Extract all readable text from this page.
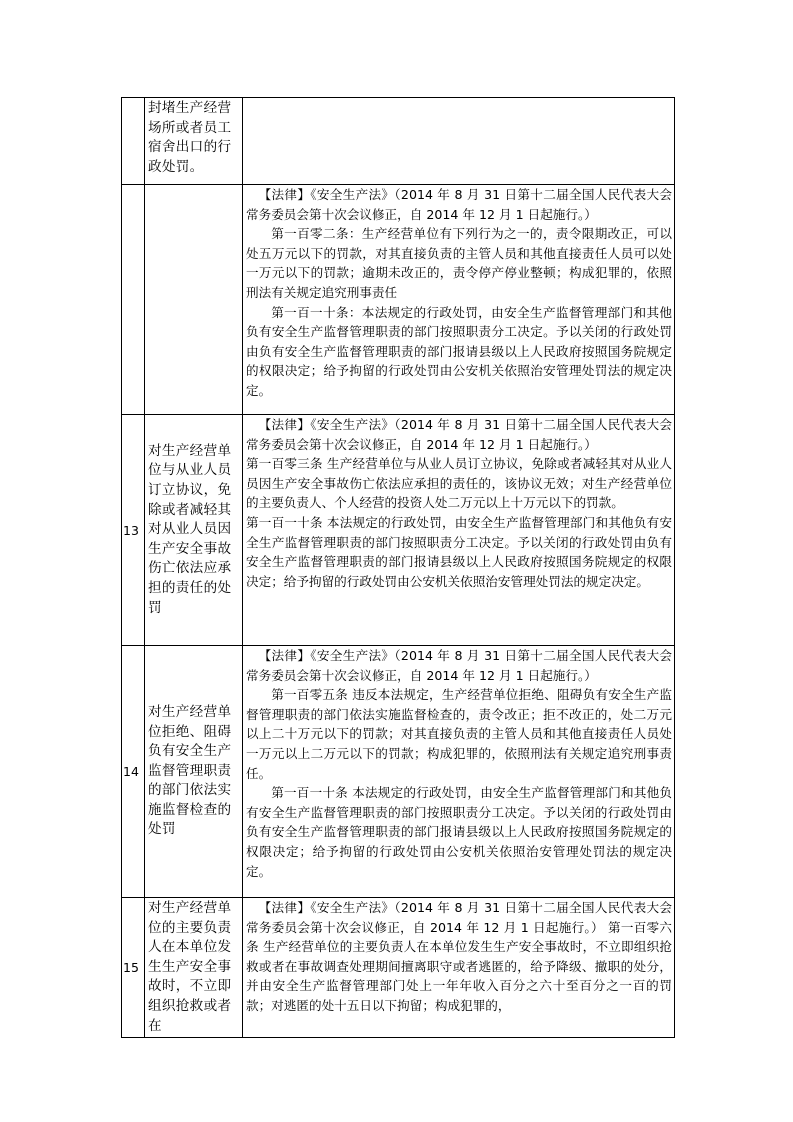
	封堵生产经营场所或者员工宿舍出口的行政处罚。	

		【法律】《安全生产法》（2014 年 8 月 31 日第十二届全国人民代表大会常务委员会第十次会议修正，自 2014 年 12 月 1 日起施行。）

第一百零二条：生产经营单位有下列行为之一的，责令限期改正，可以处五万元以下的罚款，对其直接负责的主管人员和其他直接责任人员可以处一万元以下的罚款；逾期未改正的，责令停产停业整顿；构成犯罪的，依照刑法有关规定追究刑事责任

第一百一十条：本法规定的行政处罚，由安全生产监督管理部门和其他负有安全生产监督管理职责的部门按照职责分工决定。予以关闭的行政处罚由负有安全生产监督管理职责的部门报请县级以上人民政府按照国务院规定的权限决定；给予拘留的行政处罚由公安机关依照治安管理处罚法的规定决定。

13	对生产经营单位与从业人员订立协议，免除或者减轻其对从业人员因生产安全事故伤亡依法应承担的责任的处罚	【法律】《安全生产法》（2014 年 8 月 31 日第十二届全国人民代表大会常务委员会第十次会议修正，自 2014 年 12 月 1 日起施行。）

第一百零三条 生产经营单位与从业人员订立协议，免除或者减轻其对从业人员因生产安全事故伤亡依法应承担的责任的，该协议无效；对生产经营单位的主要负责人、个人经营的投资人处二万元以上十万元以下的罚款。

第一百一十条 本法规定的行政处罚，由安全生产监督管理部门和其他负有安全生产监督管理职责的部门按照职责分工决定。予以关闭的行政处罚由负有安全生产监督管理职责的部门报请县级以上人民政府按照国务院规定的权限决定；给予拘留的行政处罚由公安机关依照治安管理处罚法的规定决定。

14	对生产经营单位拒绝、阻碍负有安全生产监督管理职责的部门依法实施监督检查的处罚	【法律】《安全生产法》（2014 年 8 月 31 日第十二届全国人民代表大会常务委员会第十次会议修正，自 2014 年 12 月 1 日起施行。）

第一百零五条 违反本法规定，生产经营单位拒绝、阻碍负有安全生产监督管理职责的部门依法实施监督检查的，责令改正；拒不改正的，处二万元以上二十万元以下的罚款；对其直接负责的主管人员和其他直接责任人员处一万元以上二万元以下的罚款；构成犯罪的，依照刑法有关规定追究刑事责任。

第一百一十条 本法规定的行政处罚，由安全生产监督管理部门和其他负有安全生产监督管理职责的部门按照职责分工决定。予以关闭的行政处罚由负有安全生产监督管理职责的部门报请县级以上人民政府按照国务院规定的权限决定；给予拘留的行政处罚由公安机关依照治安管理处罚法的规定决定。

15	对生产经营单位的主要负责人在本单位发生生产安全事故时，不立即组织抢救或者在	【法律】《安全生产法》（2014 年 8 月 31 日第十二届全国人民代表大会常务委员会第十次会议修正，自 2014 年 12 月 1 日起施行。） 第一百零六条 生产经营单位的主要负责人在本单位发生生产安全事故时，不立即组织抢救或者在事故调查处理期间擅离职守或者逃匿的，给予降级、撤职的处分，并由安全生产监督管理部门处上一年年收入百分之六十至百分之一百的罚款；对逃匿的处十五日以下拘留；构成犯罪的，
